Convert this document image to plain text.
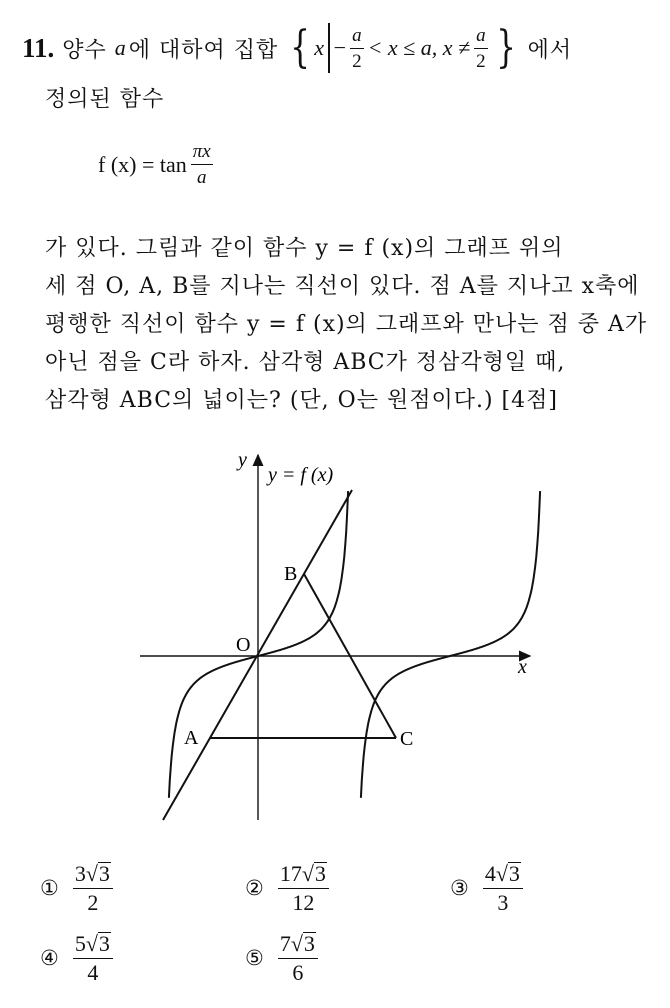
11. 양수 a 에 대하여 집합 { $x - \frac{a}{2} < x \le a$, $x \ne \frac{a}{2}$ } 에서
정의된 함수
f $(x) = \tan \frac{\pi x}{a}$
가 있다. 그림과 같이 함수 y = f (x)의 그래프 위의
세 점 O, A, B를 지나는 직선이 있다. 점 A를 지나고 x축에
평행한 직선이 함수 y = f (x)의 그래프와 만나는 점 중 A가
아닌 점을 C라 하자. 삼각형 ABC가 정삼각형일 때,
삼각형 ABC의 넓이는? (단, O는 원점이다.) [4점]
y
x
y = f (x)
O
A
B
C
① $\frac{3 √ 3}{2}$	② $\frac{17 √ 3}{12}$	③ $\frac{4 √ 3}{3}$
④ $\frac{5 √ 3}{4}$	⑤ $\frac{7 √ 3}{6}$
